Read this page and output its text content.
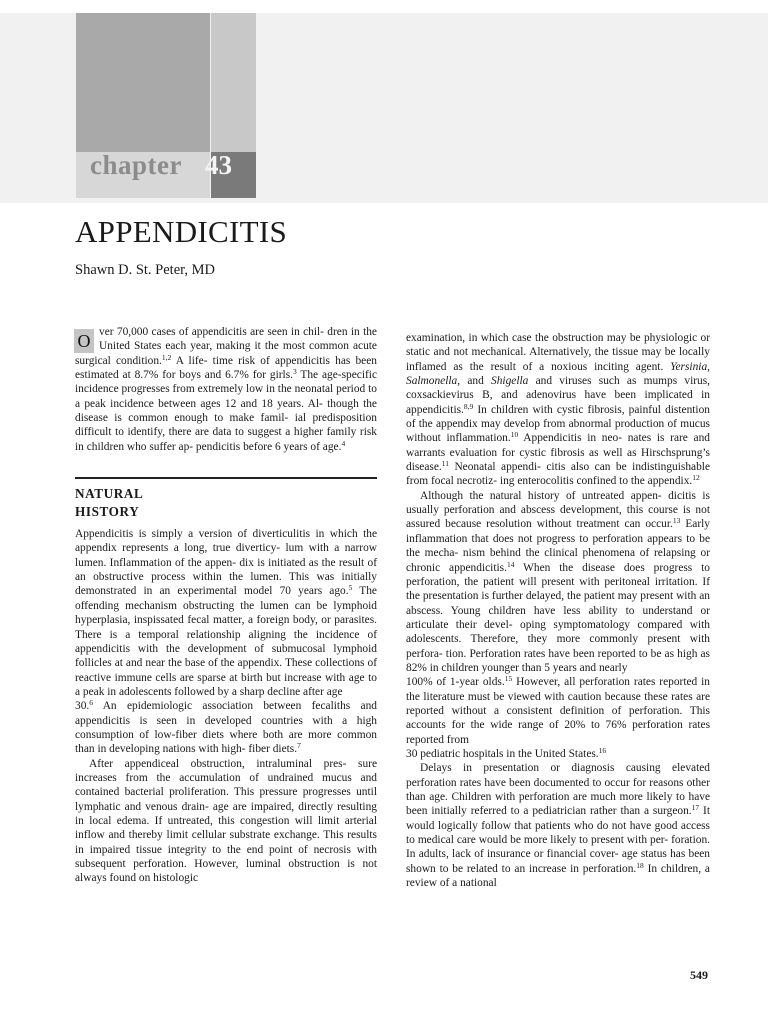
chapter 43
APPENDICITIS
Shawn D. St. Peter, MD

O ver 70,000 cases of appendicitis are seen in chil- dren in the United States each year, making it the most common acute surgical condition.$^{1,2}$ A life- time risk of appendicitis has been estimated at 8.7% for boys and 6.7% for girls.$^3$ The age-specific incidence progresses from extremely low in the neonatal period to a peak incidence between ages 12 and 18 years. Al- though the disease is common enough to make famil- ial predisposition difficult to identify, there are data to suggest a higher family risk in children who suffer ap- pendicitis before 6 years of age.$^4$

NATURAL
HISTORY

Appendicitis is simply a version of diverticulitis in which the appendix represents a long, true diverticу- lum with a narrow lumen. Inflammation of the appen- dix is initiated as the result of an obstructive process within the lumen. This was initially demonstrated in an experimental model 70 years ago.$^5$ The offending mechanism obstructing the lumen can be lymphoid hyperplasia, inspissated fecal matter, a foreign body, or parasites. There is a temporal relationship aligning the incidence of appendicitis with the development of submucosal lymphoid follicles at and near the base of the appendix. These collections of reactive immune cells are sparse at birth but increase with age to a peak in adolescents followed by a sharp decline after age
30.$^6$ An epidemiologic association between fecaliths and appendicitis is seen in developed countries with a high consumption of low-fiber diets where both are more common than in developing nations with high- fiber diets.$^7$

After appendiceal obstruction, intraluminal pres- sure increases from the accumulation of undrained mucus and contained bacterial proliferation. This pressure progresses until lymphatic and venous drain- age are impaired, directly resulting in local edema. If untreated, this congestion will limit arterial inflow and thereby limit cellular substrate exchange. This results in impaired tissue integrity to the end point of necrosis with subsequent perforation. However, luminal obstruction is not always found on histologic

examination, in which case the obstruction may be physiologic or static and not mechanical. Alternatively, the tissue may be locally inflamed as the result of a noxious inciting agent. Yersinia, Salmonella, and Shigella and viruses such as mumps virus, coxsackievirus B, and adenovirus have been implicated in appendicitis.$^{8,9}$ In children with cystic fibrosis, painful distention of the appendix may develop from abnormal production of mucus without inflammation.$^{10}$ Appendicitis in neo- nates is rare and warrants evaluation for cystic fibrosis as well as Hirschsprung’s disease.$^{11}$ Neonatal appendi- citis also can be indistinguishable from focal necrotiz- ing enterocolitis confined to the appendix.$^{12}$

Although the natural history of untreated appen- dicitis is usually perforation and abscess development, this course is not assured because resolution without treatment can occur.$^{13}$ Early inflammation that does not progress to perforation appears to be the mecha- nism behind the clinical phenomena of relapsing or chronic appendicitis.$^{14}$ When the disease does progress to perforation, the patient will present with peritoneal irritation. If the presentation is further delayed, the patient may present with an abscess. Young children have less ability to understand or articulate their devel- oping symptomatology compared with adolescents. Therefore, they more commonly present with perfora- tion. Perforation rates have been reported to be as high as 82% in children younger than 5 years and nearly
100% of 1-year olds.$^{15}$ However, all perforation rates reported in the literature must be viewed with caution because these rates are reported without a consistent definition of perforation. This accounts for the wide range of 20% to 76% perforation rates reported from
30 pediatric hospitals in the United States.$^{16}$

Delays in presentation or diagnosis causing elevated perforation rates have been documented to occur for reasons other than age. Children with perforation are much more likely to have been initially referred to a pediatrician rather than a surgeon.$^{17}$ It would logically follow that patients who do not have good access to medical care would be more likely to present with per- foration. In adults, lack of insurance or financial cover- age status has been shown to be related to an increase in perforation.$^{18}$ In children, a review of a national

549
